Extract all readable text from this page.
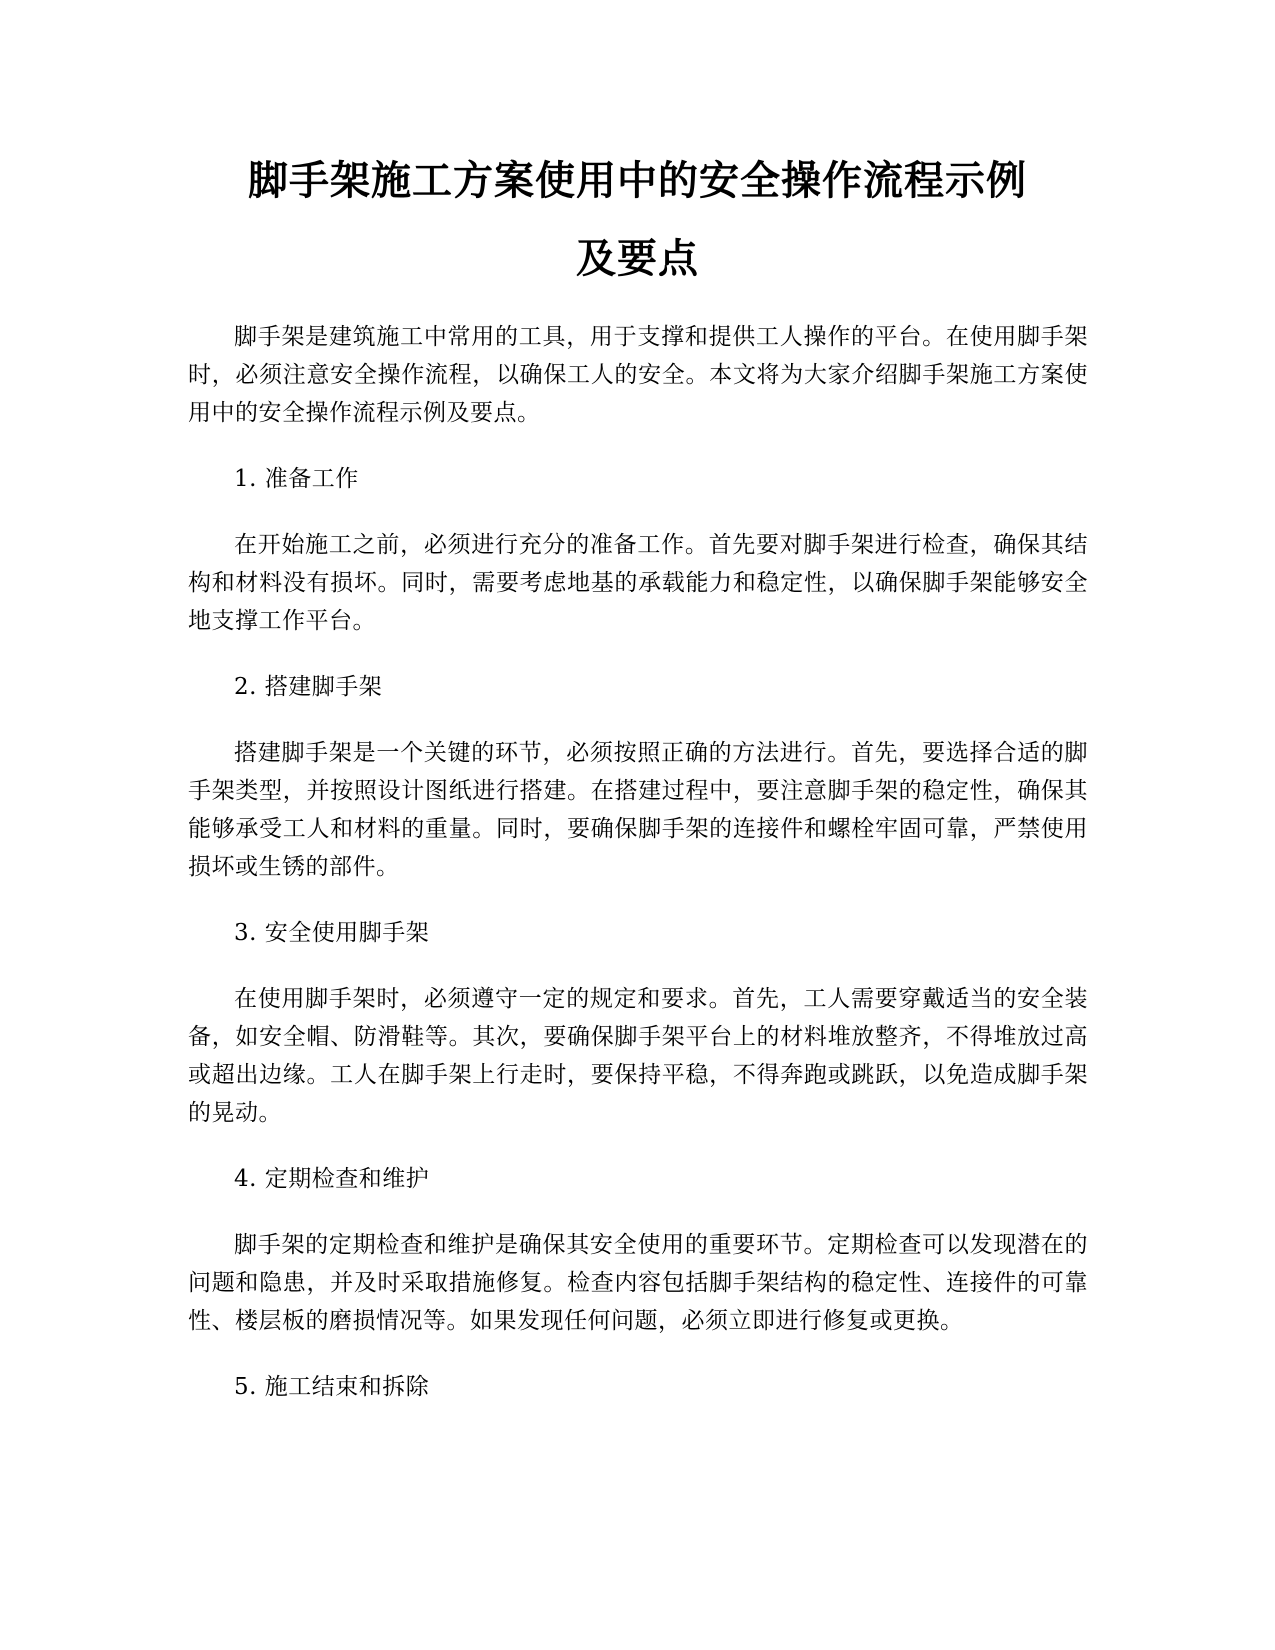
脚手架施工方案使用中的安全操作流程示例
及要点

脚手架是建筑施工中常用的工具，用于支撑和提供工人操作的平台。在使用脚手架时，必须注意安全操作流程，以确保工人的安全。本文将为大家介绍脚手架施工方案使用中的安全操作流程示例及要点。

1. 准备工作

在开始施工之前，必须进行充分的准备工作。首先要对脚手架进行检查，确保其结构和材料没有损坏。同时，需要考虑地基的承载能力和稳定性，以确保脚手架能够安全地支撑工作平台。

2. 搭建脚手架

搭建脚手架是一个关键的环节，必须按照正确的方法进行。首先，要选择合适的脚手架类型，并按照设计图纸进行搭建。在搭建过程中，要注意脚手架的稳定性，确保其能够承受工人和材料的重量。同时，要确保脚手架的连接件和螺栓牢固可靠，严禁使用损坏或生锈的部件。

3. 安全使用脚手架

在使用脚手架时，必须遵守一定的规定和要求。首先，工人需要穿戴适当的安全装备，如安全帽、防滑鞋等。其次，要确保脚手架平台上的材料堆放整齐，不得堆放过高或超出边缘。工人在脚手架上行走时，要保持平稳，不得奔跑或跳跃，以免造成脚手架的晃动。

4. 定期检查和维护

脚手架的定期检查和维护是确保其安全使用的重要环节。定期检查可以发现潜在的问题和隐患，并及时采取措施修复。检查内容包括脚手架结构的稳定性、连接件的可靠性、楼层板的磨损情况等。如果发现任何问题，必须立即进行修复或更换。

5. 施工结束和拆除
